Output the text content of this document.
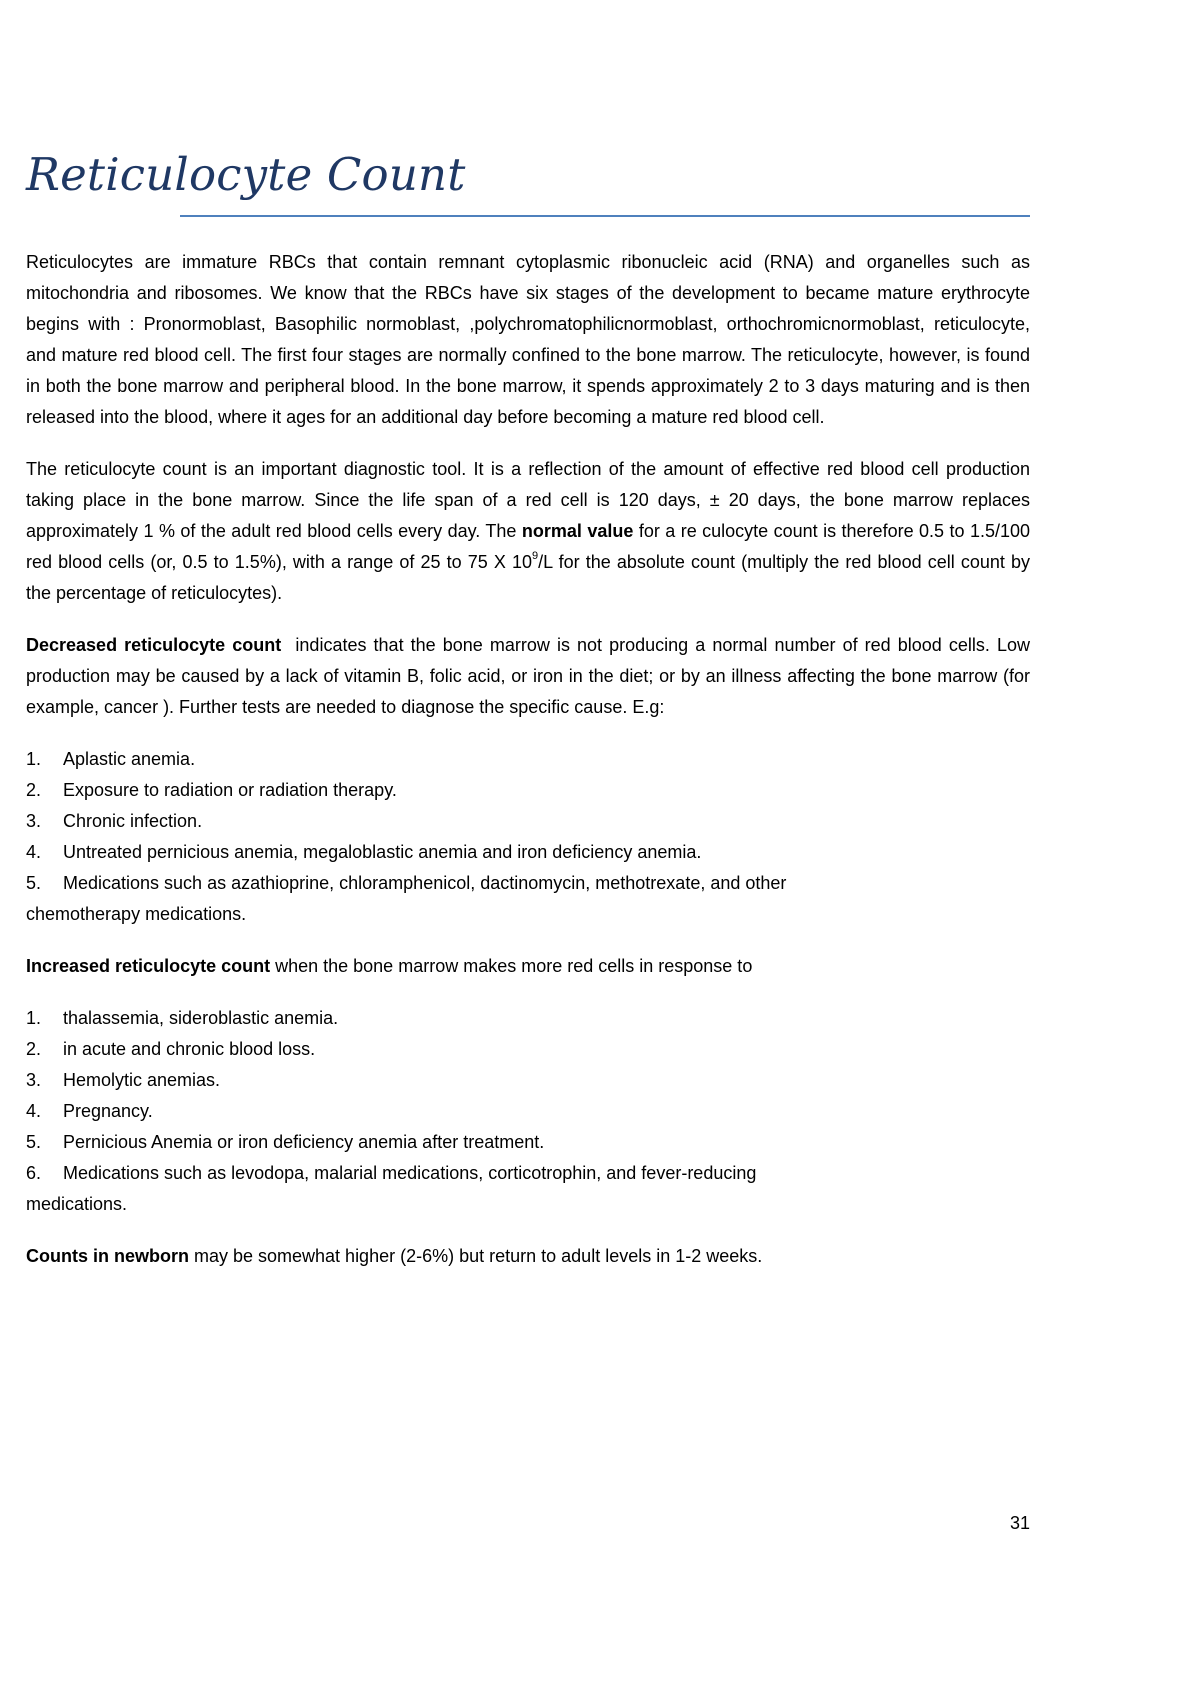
Reticulocyte Count

Reticulocytes are immature RBCs that contain remnant cytoplasmic ribonucleic acid (RNA) and organelles such as mitochondria and ribosomes. We know that the RBCs have six stages of the development to became mature erythrocyte begins with : Pronormoblast, Basophilic normoblast, ,polychromatophilicnormoblast, orthochromicnormoblast, reticulocyte, and mature red blood cell. The first four stages are normally confined to the bone marrow. The reticulocyte, however, is found in both the bone marrow and peripheral blood. In the bone marrow, it spends approximately 2 to 3 days maturing and is then released into the blood, where it ages for an additional day before becoming a mature red blood cell.

The reticulocyte count is an important diagnostic tool. It is a reflection of the amount of effective red blood cell production taking place in the bone marrow. Since the life span of a red cell is 120 days, ± 20 days, the bone marrow replaces approximately 1 % of the adult red blood cells every day. The normal value for a re culocyte count is therefore 0.5 to 1.5/100 red blood cells (or, 0.5 to 1.5%), with a range of 25 to 75 X $10^9/L$ for the absolute count (multiply the red blood cell count by the percentage of reticulocytes).

Decreased reticulocyte count  indicates that the bone marrow is not producing a normal number of red blood cells. Low production may be caused by a lack of vitamin B, folic acid, or iron in the diet; or by an illness affecting the bone marrow (for example, cancer ). Further tests are needed to diagnose the specific cause. E.g:

1. Aplastic anemia.
2. Exposure to radiation or radiation therapy.
3. Chronic infection.
4. Untreated pernicious anemia, megaloblastic anemia and iron deficiency anemia.
5. Medications such as azathioprine, chloramphenicol, dactinomycin, methotrexate, and other chemotherapy medications.

Increased reticulocyte count when the bone marrow makes more red cells in response to

1. thalassemia, sideroblastic anemia.
2. in acute and chronic blood loss.
3. Hemolytic anemias.
4. Pregnancy.
5. Pernicious Anemia or iron deficiency anemia after treatment.
6. Medications such as levodopa, malarial medications, corticotrophin, and fever-reducing medications.

Counts in newborn may be somewhat higher (2-6%) but return to adult levels in 1-2 weeks.

31
